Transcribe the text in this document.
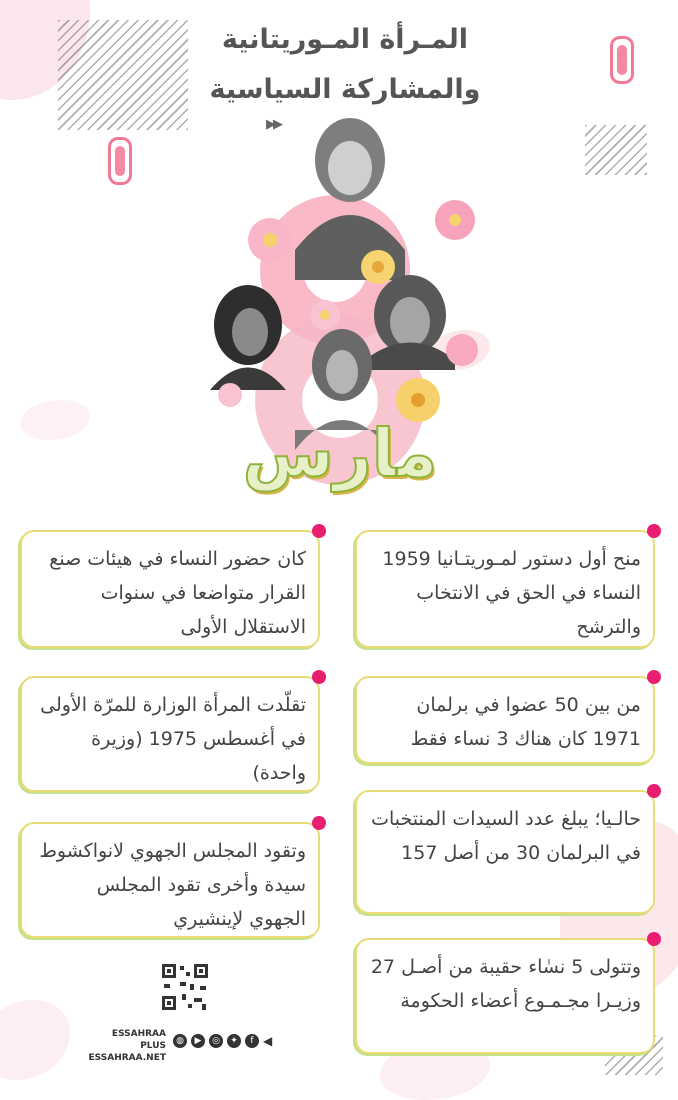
المـرأة المـوريتانية
والمشاركة السياسية
▶▶
مارس
منح أول دستور لمـوريتـانيا 1959 النساء في الحق في الانتخاب والترشح
من بين 50 عضوا في برلمان 1971 كان هناك 3 نساء فقط
حالـيا؛ يبلغ عدد السيدات المنتخبات في البرلمان 30 من أصل 157
وتتولى 5 نسٰاء حقيبة من أصـل 27 وزيـرا مجـمـوع أعضاء الحكومة
كان حضور النساء في هيئات صنع القرار متواضعا في سنوات الاستقلال الأولى
تقلّدت المرأة الوزارة للمرّة الأولى في أغسطس 1975 (وزيرة واحدة)
وتقود المجلس الجهوي لانواكشوط سيدة وأخرى تقود المجلس الجهوي لإينشيري
ESSAHRAA PLUS
ESSAHRAA.NET
◍	▶	◎	✦	f ◀
